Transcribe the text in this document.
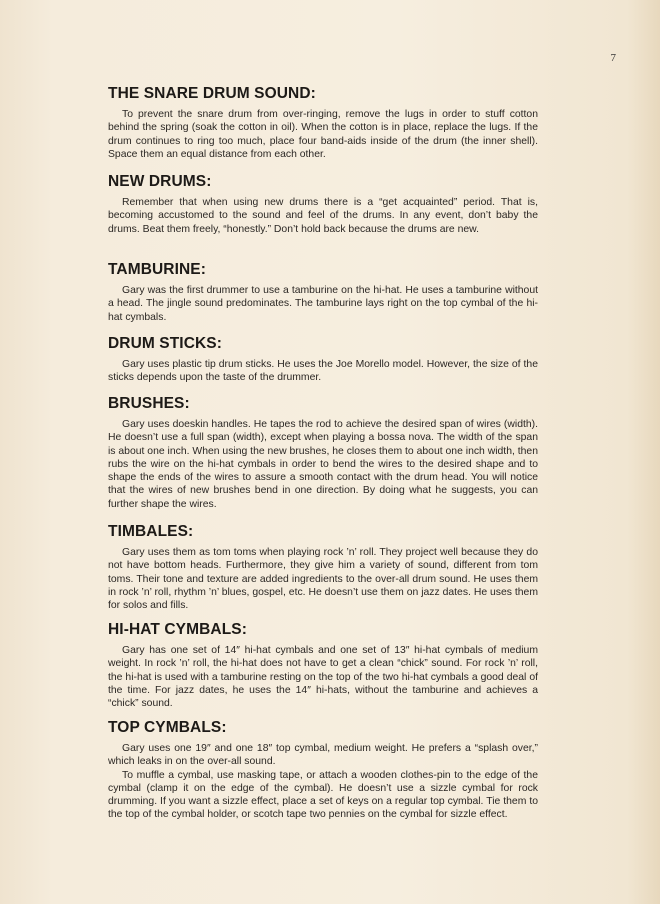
7
THE SNARE DRUM SOUND:

To prevent the snare drum from over-ringing, remove the lugs in order to stuff cotton behind the spring (soak the cotton in oil). When the cotton is in place, replace the lugs. If the drum continues to ring too much, place four band-aids inside of the drum (the inner shell). Space them an equal distance from each other.

NEW DRUMS:

Remember that when using new drums there is a “get acquainted” period. That is, becoming accustomed to the sound and feel of the drums. In any event, don’t baby the drums. Beat them freely, “honestly.” Don’t hold back because the drums are new.

TAMBURINE:

Gary was the first drummer to use a tamburine on the hi-hat. He uses a tamburine without a head. The jingle sound predominates. The tamburine lays right on the top cymbal of the hi-hat cymbals.

DRUM STICKS:

Gary uses plastic tip drum sticks. He uses the Joe Morello model. However, the size of the sticks depends upon the taste of the drummer.

BRUSHES:

Gary uses doeskin handles. He tapes the rod to achieve the desired span of wires (width). He doesn’t use a full span (width), except when playing a bossa nova. The width of the span is about one inch. When using the new brushes, he closes them to about one inch width, then rubs the wire on the hi-hat cymbals in order to bend the wires to the desired shape and to shape the ends of the wires to assure a smooth contact with the drum head. You will notice that the wires of new brushes bend in one direction. By doing what he suggests, you can further shape the wires.

TIMBALES:

Gary uses them as tom toms when playing rock ’n’ roll. They project well because they do not have bottom heads. Furthermore, they give him a variety of sound, different from tom toms. Their tone and texture are added ingredients to the over-all drum sound. He uses them in rock ’n’ roll, rhythm ’n’ blues, gospel, etc. He doesn’t use them on jazz dates. He uses them for solos and fills.

HI-HAT CYMBALS:

Gary has one set of 14″ hi-hat cymbals and one set of 13″ hi-hat cymbals of medium weight. In rock ’n’ roll, the hi-hat does not have to get a clean “chick” sound. For rock ’n’ roll, the hi-hat is used with a tamburine resting on the top of the two hi-hat cymbals a good deal of the time. For jazz dates, he uses the 14″ hi-hats, without the tamburine and achieves a “chick” sound.

TOP CYMBALS:

Gary uses one 19″ and one 18″ top cymbal, medium weight. He prefers a “splash over,” which leaks in on the over-all sound.

To muffle a cymbal, use masking tape, or attach a wooden clothes-pin to the edge of the cymbal (clamp it on the edge of the cymbal). He doesn’t use a sizzle cymbal for rock drumming. If you want a sizzle effect, place a set of keys on a regular top cymbal. Tie them to the top of the cymbal holder, or scotch tape two pennies on the cymbal for sizzle effect.
